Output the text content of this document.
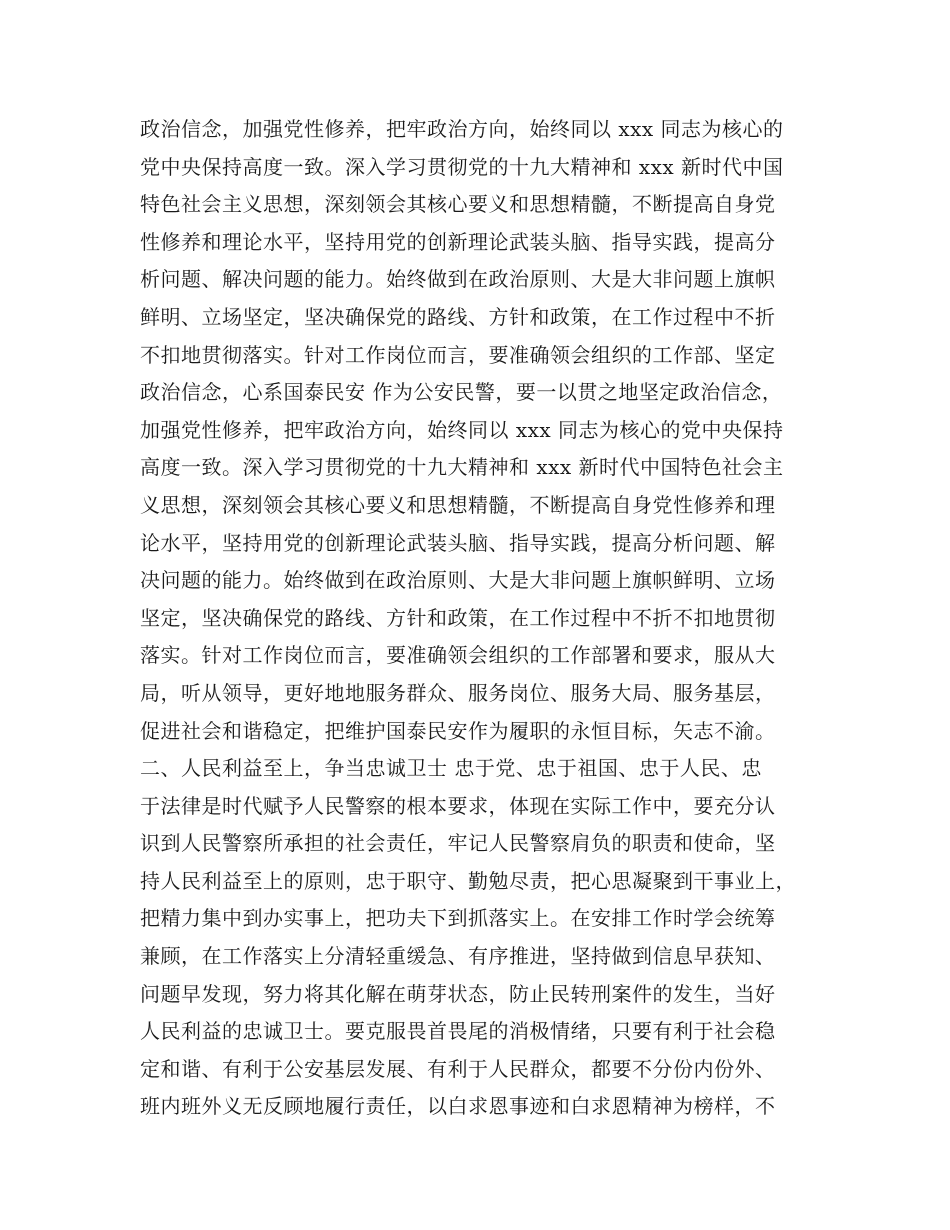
政治信念，加强党性修养，把牢政治方向，始终同以 xxx 同志为核心的
党中央保持高度一致。深入学习贯彻党的十九大精神和 xxx 新时代中国
特色社会主义思想，深刻领会其核心要义和思想精髓，不断提高自身党
性修养和理论水平，坚持用党的创新理论武装头脑、指导实践，提高分
析问题、解决问题的能力。始终做到在政治原则、大是大非问题上旗帜
鲜明、立场坚定，坚决确保党的路线、方针和政策，在工作过程中不折
不扣地贯彻落实。针对工作岗位而言，要准确领会组织的工作部、坚定
政治信念，心系国泰民安 作为公安民警，要一以贯之地坚定政治信念，
加强党性修养，把牢政治方向，始终同以 xxx 同志为核心的党中央保持
高度一致。深入学习贯彻党的十九大精神和 xxx 新时代中国特色社会主
义思想，深刻领会其核心要义和思想精髓，不断提高自身党性修养和理
论水平，坚持用党的创新理论武装头脑、指导实践，提高分析问题、解
决问题的能力。始终做到在政治原则、大是大非问题上旗帜鲜明、立场
坚定，坚决确保党的路线、方针和政策，在工作过程中不折不扣地贯彻
落实。针对工作岗位而言，要准确领会组织的工作部署和要求，服从大
局，听从领导，更好地地服务群众、服务岗位、服务大局、服务基层，
促进社会和谐稳定，把维护国泰民安作为履职的永恒目标，矢志不渝。
二、人民利益至上，争当忠诚卫士 忠于党、忠于祖国、忠于人民、忠
于法律是时代赋予人民警察的根本要求，体现在实际工作中，要充分认
识到人民警察所承担的社会责任，牢记人民警察肩负的职责和使命，坚
持人民利益至上的原则，忠于职守、勤勉尽责，把心思凝聚到干事业上，
把精力集中到办实事上，把功夫下到抓落实上。在安排工作时学会统筹
兼顾，在工作落实上分清轻重缓急、有序推进，坚持做到信息早获知、
问题早发现，努力将其化解在萌芽状态，防止民转刑案件的发生，当好
人民利益的忠诚卫士。要克服畏首畏尾的消极情绪，只要有利于社会稳
定和谐、有利于公安基层发展、有利于人民群众，都要不分份内份外、
班内班外义无反顾地履行责任，以白求恩事迹和白求恩精神为榜样，不
